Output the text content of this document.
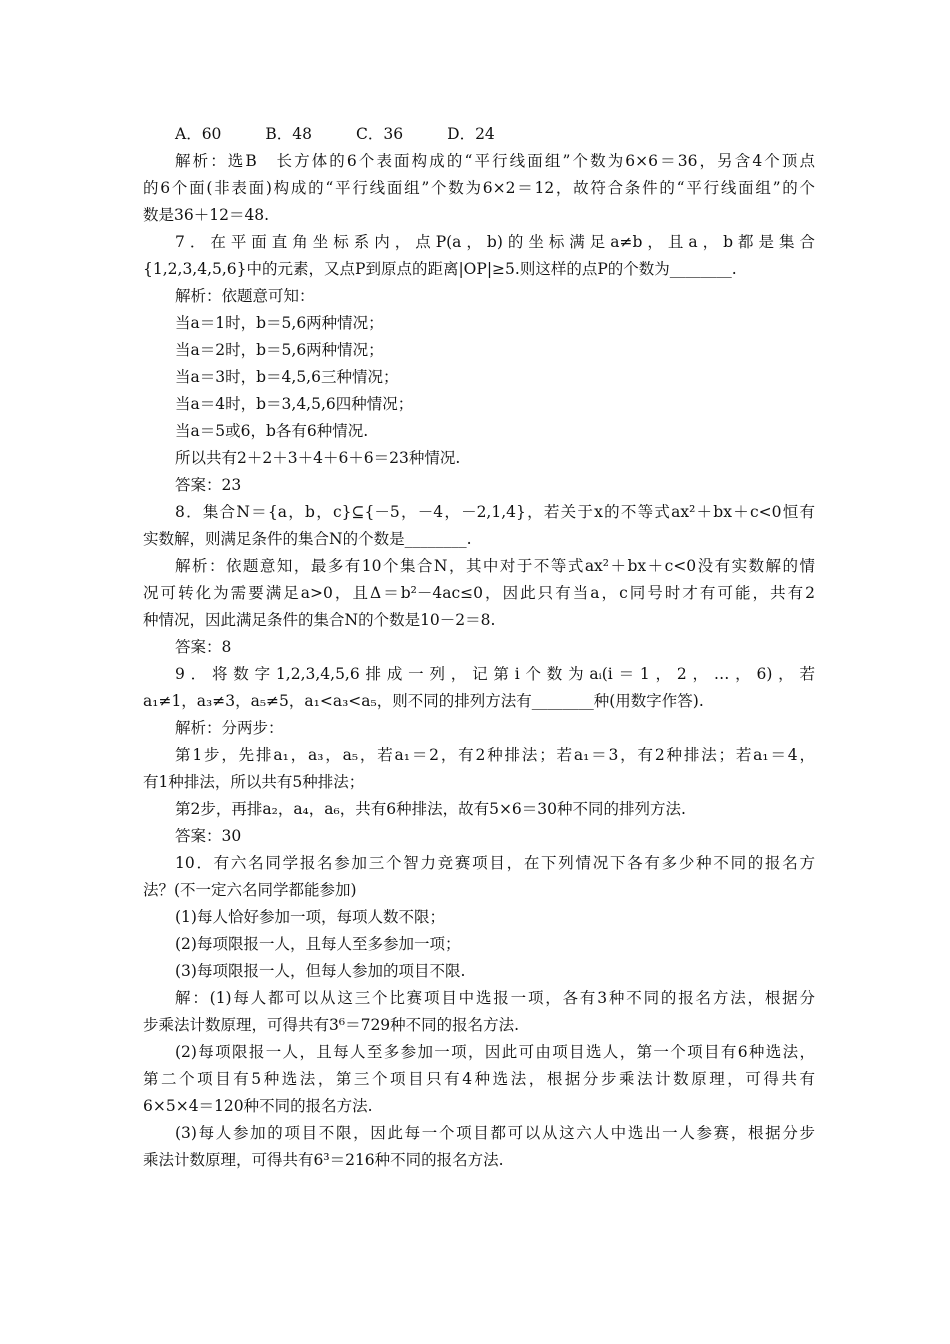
A．60	B．48	C．36	D．24
解析：选B　长方体的6个表面构成的“平行线面组”个数为6×6＝36，另含4个顶点
的6个面(非表面)构成的“平行线面组”个数为6×2＝12，故符合条件的“平行线面组”的个
数是36＋12＝48.
7．在平面直角坐标系内，点P(a，b)的坐标满足a≠b，且a，b都是集合
{1,2,3,4,5,6}中的元素，又点P到原点的距离|OP|≥5.则这样的点P的个数为________.
解析：依题意可知：
当a＝1时，b＝5,6两种情况；
当a＝2时，b＝5,6两种情况；
当a＝3时，b＝4,5,6三种情况；
当a＝4时，b＝3,4,5,6四种情况；
当a＝5或6，b各有6种情况.
所以共有2＋2＋3＋4＋6＋6＝23种情况.
答案：23
8．集合N＝{a，b，c}⊆{－5，－4，－2,1,4}，若关于x的不等式ax²＋bx＋c<0恒有
实数解，则满足条件的集合N的个数是________.
解析：依题意知，最多有10个集合N，其中对于不等式ax²＋bx＋c<0没有实数解的情
况可转化为需要满足a>0，且Δ＝b²－4ac≤0，因此只有当a，c同号时才有可能，共有2
种情况，因此满足条件的集合N的个数是10－2＝8.
答案：8
9．将数字1,2,3,4,5,6排成一列，记第i个数为aᵢ(i＝1，2，…，6)，若
a₁≠1，a₃≠3，a₅≠5，a₁<a₃<a₅，则不同的排列方法有________种(用数字作答).
解析：分两步：
第1步，先排a₁，a₃，a₅，若a₁＝2，有2种排法；若a₁＝3，有2种排法；若a₁＝4，
有1种排法，所以共有5种排法；
第2步，再排a₂，a₄，a₆，共有6种排法，故有5×6＝30种不同的排列方法.
答案：30
10．有六名同学报名参加三个智力竞赛项目，在下列情况下各有多少种不同的报名方
法？(不一定六名同学都能参加)
(1)每人恰好参加一项，每项人数不限；
(2)每项限报一人，且每人至多参加一项；
(3)每项限报一人，但每人参加的项目不限.
解：(1)每人都可以从这三个比赛项目中选报一项，各有3种不同的报名方法，根据分
步乘法计数原理，可得共有3⁶＝729种不同的报名方法.
(2)每项限报一人，且每人至多参加一项，因此可由项目选人，第一个项目有6种选法，
第二个项目有5种选法，第三个项目只有4种选法，根据分步乘法计数原理，可得共有
6×5×4＝120种不同的报名方法.
(3)每人参加的项目不限，因此每一个项目都可以从这六人中选出一人参赛，根据分步
乘法计数原理，可得共有6³＝216种不同的报名方法.
